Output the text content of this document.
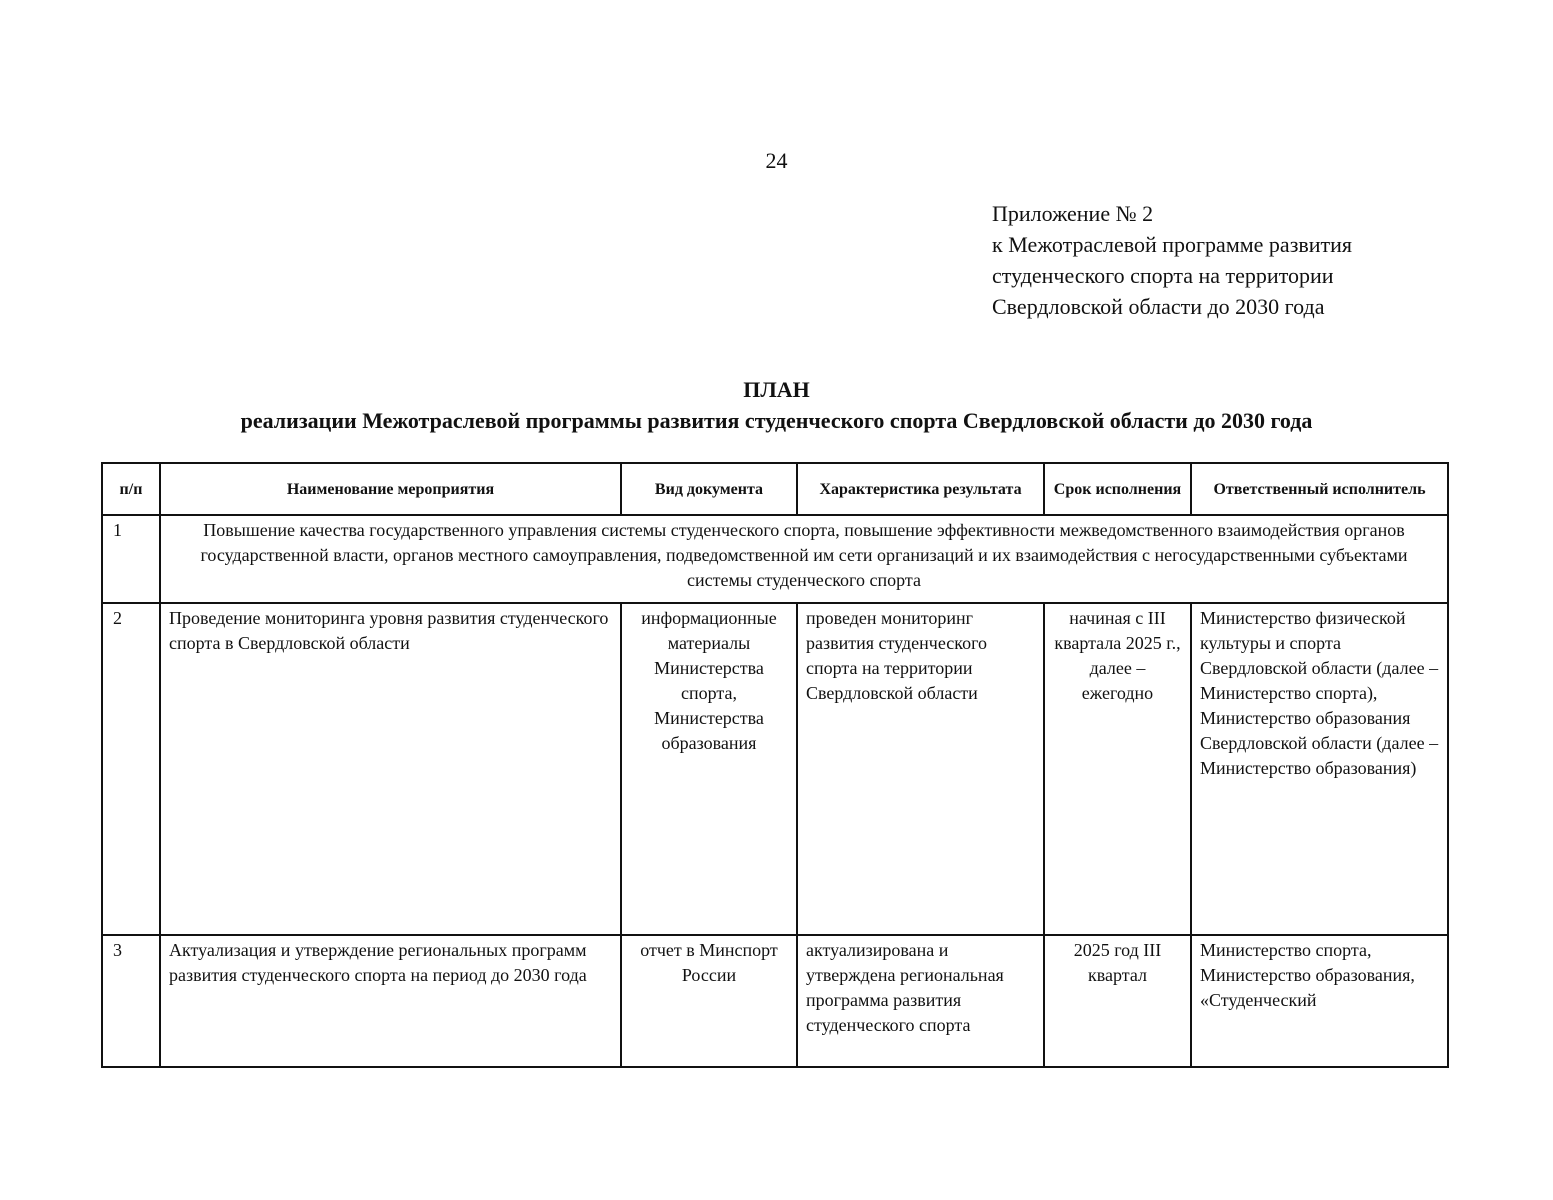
24
Приложение № 2
к Межотраслевой программе развития
студенческого спорта на территории
Свердловской области до 2030 года
ПЛАН
реализации Межотраслевой программы развития студенческого спорта Свердловской области до 2030 года
п/п	Наименование мероприятия	Вид документа	Характеристика результата	Срок исполнения	Ответственный исполнитель
1	Повышение качества государственного управления системы студенческого спорта, повышение эффективности межведомственного взаимодействия органов государственной власти, органов местного самоуправления, подведомственной им сети организаций и их взаимодействия с негосударственными субъектами системы студенческого спорта				
2	Проведение мониторинга уровня развития студенческого спорта в Свердловской области	информационные материалы Министерства спорта, Министерства образования	проведен мониторинг развития студенческого спорта на территории Свердловской области	начиная с III квартала 2025 г., далее – ежегодно	Министерство физической культуры и спорта Свердловской области (далее – Министерство спорта), Министерство образования Свердловской области (далее – Министерство образования)
3	Актуализация и утверждение региональных программ развития студенческого спорта на период до 2030 года	отчет в Минспорт России	актуализирована и утверждена региональная программа развития студенческого спорта	2025 год III квартал	Министерство спорта, Министерство образования, «Студенческий
